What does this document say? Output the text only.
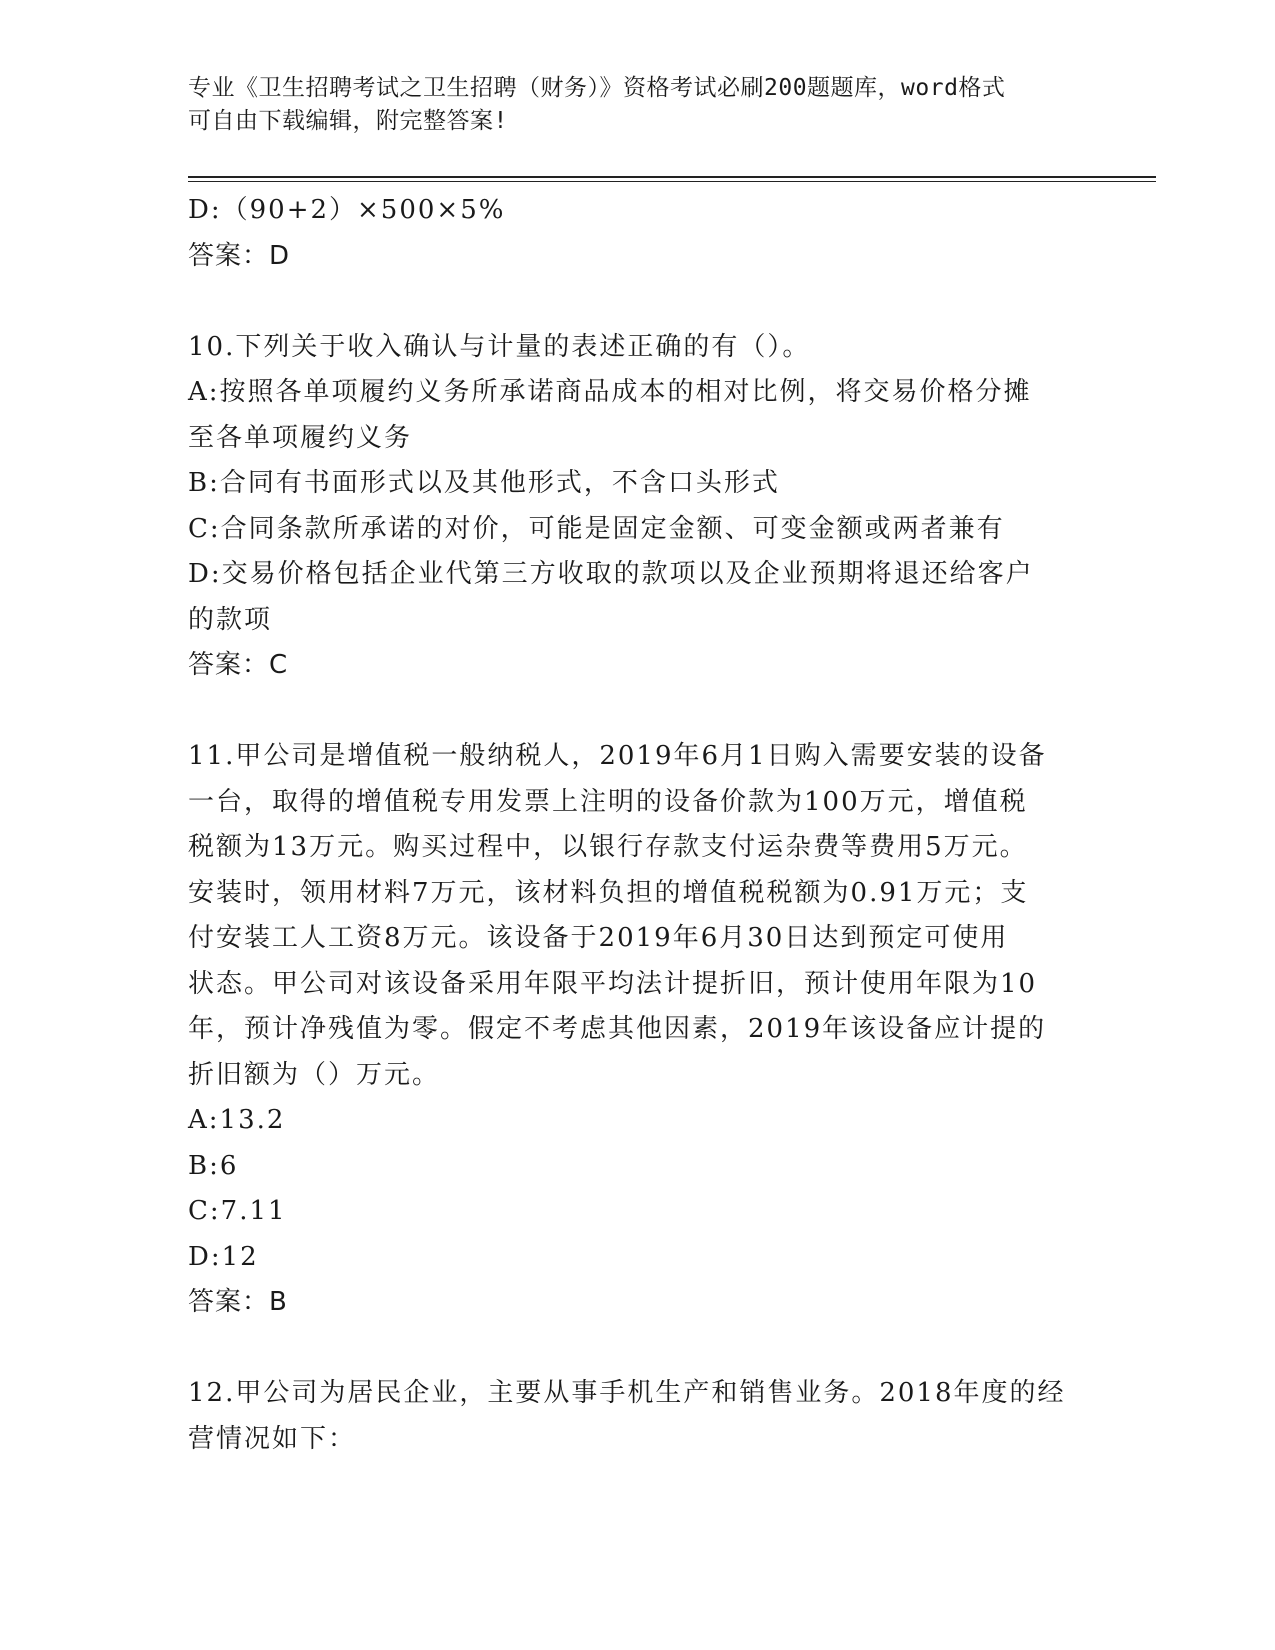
专业《卫生招聘考试之卫生招聘（财务）》资格考试必刷200题题库，word格式
可自由下载编辑，附完整答案!
D:（90+2）×500×5%
答案：D
10.下列关于收入确认与计量的表述正确的有（）。
A:按照各单项履约义务所承诺商品成本的相对比例，将交易价格分摊
至各单项履约义务
B:合同有书面形式以及其他形式，不含口头形式
C:合同条款所承诺的对价，可能是固定金额、可变金额或两者兼有
D:交易价格包括企业代第三方收取的款项以及企业预期将退还给客户
的款项
答案：C
11.甲公司是增值税一般纳税人，2019年6月1日购入需要安装的设备
一台，取得的增值税专用发票上注明的设备价款为100万元，增值税
税额为13万元。购买过程中，以银行存款支付运杂费等费用5万元。
安装时，领用材料7万元，该材料负担的增值税税额为0.91万元；支
付安装工人工资8万元。该设备于2019年6月30日达到预定可使用
状态。甲公司对该设备采用年限平均法计提折旧，预计使用年限为10
年，预计净残值为零。假定不考虑其他因素，2019年该设备应计提的
折旧额为（）万元。
A:13.2
B:6
C:7.11
D:12
答案：B
12.甲公司为居民企业，主要从事手机生产和销售业务。2018年度的经
营情况如下：
